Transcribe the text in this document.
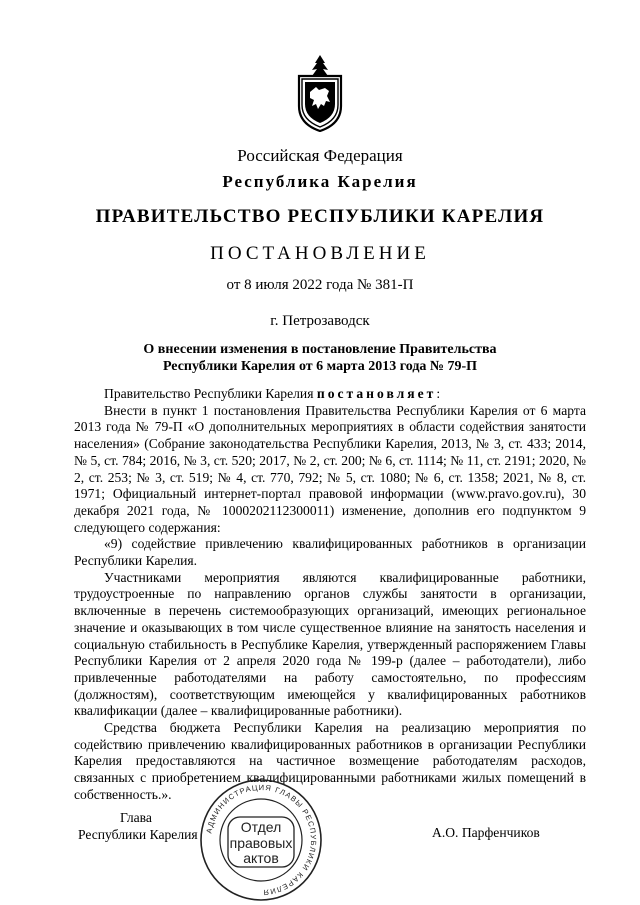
Российская Федерация
Республика Карелия
ПРАВИТЕЛЬСТВО РЕСПУБЛИКИ КАРЕЛИЯ
ПОСТАНОВЛЕНИЕ
от 8 июля 2022 года № 381-П
г. Петрозаводск
О внесении изменения в постановление Правительства
Республики Карелия от 6 марта 2013 года № 79-П

Правительство Республики Карелия постановляет:

Внести в пункт 1 постановления Правительства Республики Карелия от 6 марта 2013 года № 79-П «О дополнительных мероприятиях в области содействия занятости населения» (Собрание законодательства Республики Карелия, 2013, № 3, ст. 433; 2014, № 5, ст. 784; 2016, № 3, ст. 520; 2017, № 2, ст. 200; № 6, ст. 1114; № 11, ст. 2191; 2020, № 2, ст. 253; № 3, ст. 519; № 4, ст. 770, 792; № 5, ст. 1080; № 6, ст. 1358; 2021, № 8, ст. 1971; Официальный интернет-портал правовой информации (www.pravo.gov.ru), 30 декабря 2021 года, № 1000202112300011) изменение, дополнив его подпунктом 9 следующего содержания:

«9) содействие привлечению квалифицированных работников в организации Республики Карелия.

Участниками мероприятия являются квалифицированные работники, трудоустроенные по направлению органов службы занятости в организации, включенные в перечень системообразующих организаций, имеющих региональное значение и оказывающих в том числе существенное влияние на занятость населения и социальную стабильность в Республике Карелия, утвержденный распоряжением Главы Республики Карелия от 2 апреля 2020 года № 199-р (далее – работодатели), либо привлеченные работодателями на работу самостоятельно, по профессиям (должностям), соответствующим имеющейся у квалифицированных работников квалификации (далее – квалифицированные работники).

Средства бюджета Республики Карелия на реализацию мероприятия по содействию привлечению квалифицированных работников в организации Республики Карелия предоставляются на частичное возмещение работодателям расходов, связанных с приобретением квалифицированными работниками жилых помещений в собственность.».

Глава
Республики Карелия	А.О. Парфенчиков
АДМИНИСТРАЦИЯ ГЛАВЫ РЕСПУБЛИКИ КАРЕЛИЯ
Отдел
правовых
актов
